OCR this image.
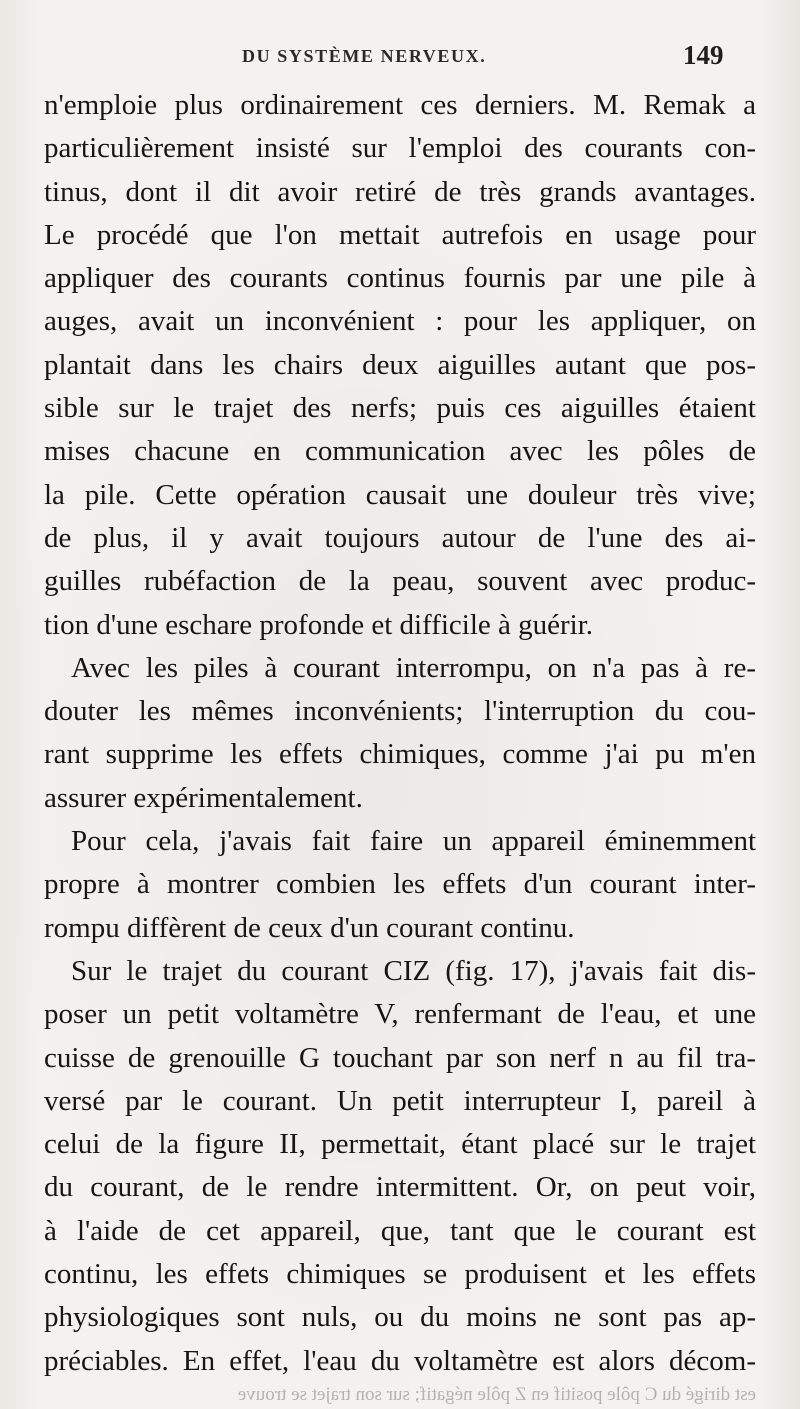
DU SYSTÈME NERVEUX.	149
n'emploie plus ordinairement ces derniers. M. Remak a
particulièrement insisté sur l'emploi des courants con-
tinus, dont il dit avoir retiré de très grands avantages.
Le procédé que l'on mettait autrefois en usage pour
appliquer des courants continus fournis par une pile à
auges, avait un inconvénient : pour les appliquer, on
plantait dans les chairs deux aiguilles autant que pos-
sible sur le trajet des nerfs; puis ces aiguilles étaient
mises chacune en communication avec les pôles de
la pile. Cette opération causait une douleur très vive;
de plus, il y avait toujours autour de l'une des ai-
guilles rubéfaction de la peau, souvent avec produc-
tion d'une eschare profonde et difficile à guérir.
Avec les piles à courant interrompu, on n'a pas à re-
douter les mêmes inconvénients; l'interruption du cou-
rant supprime les effets chimiques, comme j'ai pu m'en
assurer expérimentalement.
Pour cela, j'avais fait faire un appareil éminemment
propre à montrer combien les effets d'un courant inter-
rompu diffèrent de ceux d'un courant continu.
Sur le trajet du courant CIZ (fig. 17), j'avais fait dis-
poser un petit voltamètre V, renfermant de l'eau, et une
cuisse de grenouille G touchant par son nerf n au fil tra-
versé par le courant. Un petit interrupteur I, pareil à
celui de la figure II, permettait, étant placé sur le trajet
du courant, de le rendre intermittent. Or, on peut voir,
à l'aide de cet appareil, que, tant que le courant est
continu, les effets chimiques se produisent et les effets
physiologiques sont nuls, ou du moins ne sont pas ap-
préciables. En effet, l'eau du voltamètre est alors décom-
est dirigé du C pôle positif en Z pôle négatif; sur son trajet se trouve
